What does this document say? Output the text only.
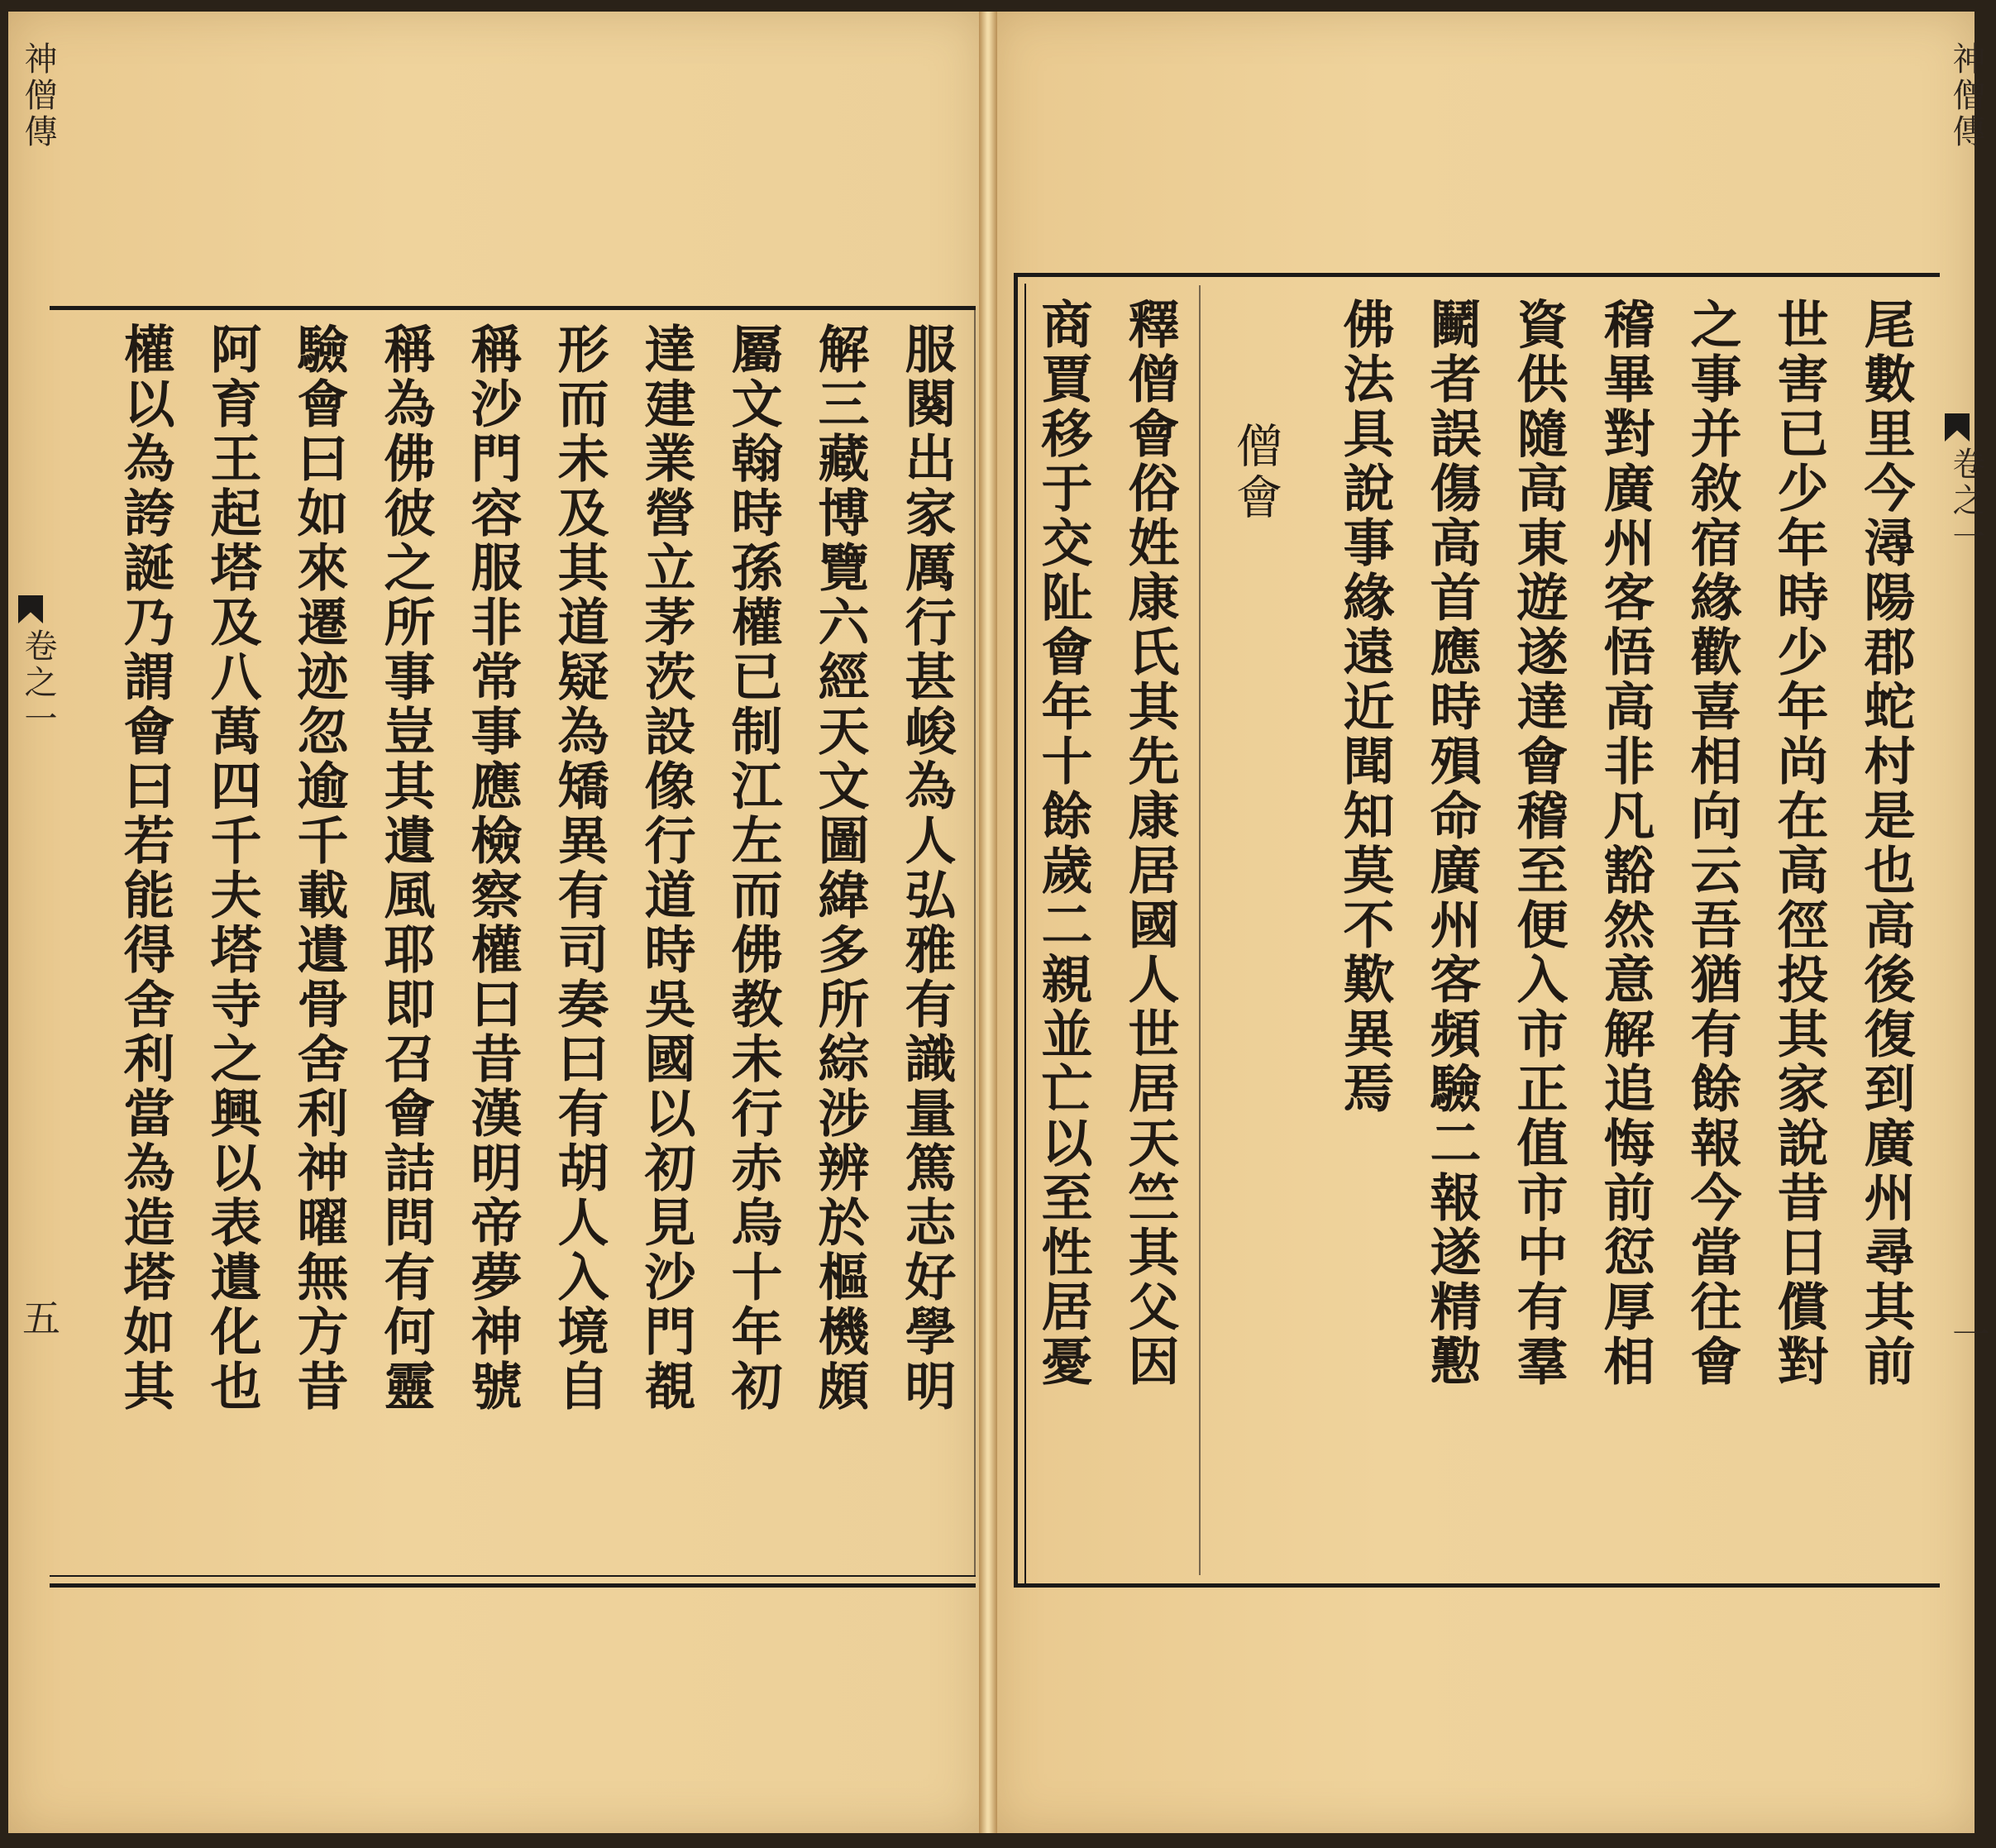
神僧傳
卷之一
五	服闋出家厲行甚峻為人弘雅有識量篤志好學明
解三藏博覽六經天文圖緯多所綜涉辨於樞機頗
屬文翰時孫權已制江左而佛教未行赤烏十年初
達建業營立茅茨設像行道時吳國以初見沙門覩
形而未及其道疑為矯異有司奏曰有胡人入境自
稱沙門容服非常事應檢察權曰昔漢明帝夢神號
稱為佛彼之所事豈其遺風耶即召會詰問有何靈
驗會曰如來遷迹忽逾千載遺骨舍利神曜無方昔
阿育王起塔及八萬四千夫塔寺之興以表遺化也
權以為誇誕乃謂會曰若能得舍利當為造塔如其
神僧傳
卷之一
一
尾數里今潯陽郡蛇村是也高後復到廣州尋其前
世害已少年時少年尚在高徑投其家說昔日償對
之事并敘宿緣歡喜相向云吾猶有餘報今當往會
稽畢對廣州客悟高非凡豁然意解追悔前愆厚相
資供隨高東遊遂達會稽至便入市正值市中有羣
鬭者誤傷高首應時殞命廣州客頻驗二報遂精懃
佛法具說事緣遠近聞知莫不歎異焉
僧會
釋僧會俗姓康氏其先康居國人世居天竺其父因
商賈移于交阯會年十餘歲二親並亡以至性居憂
